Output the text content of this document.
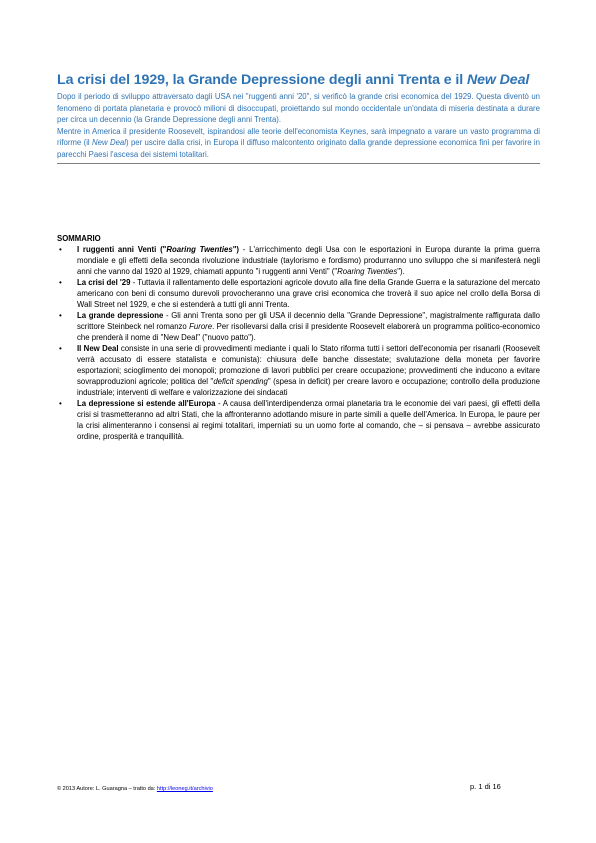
La crisi del 1929, la Grande Depressione degli anni Trenta e il New Deal
Dopo il periodo di sviluppo attraversato dagli USA nei "ruggenti anni '20", si verificò la grande crisi economica del 1929. Questa diventò un fenomeno di portata planetaria e provocò milioni di disoccupati, proiettando sul mondo occidentale un'ondata di miseria destinata a durare per circa un decennio (la Grande Depressione degli anni Trenta).
Mentre in America il presidente Roosevelt, ispirandosi alle teorie dell'economista Keynes, sarà impegnato a varare un vasto programma di riforme (il New Deal) per uscire dalla crisi, in Europa il diffuso malcontento originato dalla grande depressione economica finì per favorire in parecchi Paesi l'ascesa dei sistemi totalitari.
SOMMARIO
• I ruggenti anni Venti ("Roaring Twenties") - L'arricchimento degli Usa con le esportazioni in Europa durante la prima guerra mondiale e gli effetti della seconda rivoluzione industriale (taylorismo e fordismo) produrranno uno sviluppo che si manifesterà negli anni che vanno dal 1920 al 1929, chiamati appunto "i ruggenti anni Venti" ("Roaring Twenties").
• La crisi del '29 - Tuttavia il rallentamento delle esportazioni agricole dovuto alla fine della Grande Guerra e la saturazione del mercato americano con beni di consumo durevoli provocheranno una grave crisi economica che troverà il suo apice nel crollo della Borsa di Wall Street nel 1929, e che si estenderà a tutti gli anni Trenta.
• La grande depressione - Gli anni Trenta sono per gli USA il decennio della "Grande Depressione", magistralmente raffigurata dallo scrittore Steinbeck nel romanzo Furore. Per risollevarsi dalla crisi il presidente Roosevelt elaborerà un programma politico-economico che prenderà il nome di "New Deal" ("nuovo patto").
• Il New Deal consiste in una serie di provvedimenti mediante i quali lo Stato riforma tutti i settori dell'economia per risanarli (Roosevelt verrà accusato di essere statalista e comunista): chiusura delle banche dissestate; svalutazione della moneta per favorire esportazioni; scioglimento dei monopoli; promozione di lavori pubblici per creare occupazione; provvedimenti che inducono a evitare sovrapproduzioni agricole; politica del "deficit spending" (spesa in deficit) per creare lavoro e occupazione; controllo della produzione industriale; interventi di welfare e valorizzazione dei sindacati
• La depressione si estende all'Europa - A causa dell'interdipendenza ormai planetaria tra le economie dei vari paesi, gli effetti della crisi si trasmetteranno ad altri Stati, che la affronteranno adottando misure in parte simili a quelle dell'America. In Europa, le paure per la crisi alimenteranno i consensi ai regimi totalitari, imperniati su un uomo forte al comando, che – si pensava – avrebbe assicurato ordine, prosperità e tranquillità.
© 2013 Autore: L. Guaragna – tratto da: http://leoneg.it/archivio	p. 1 di 16
